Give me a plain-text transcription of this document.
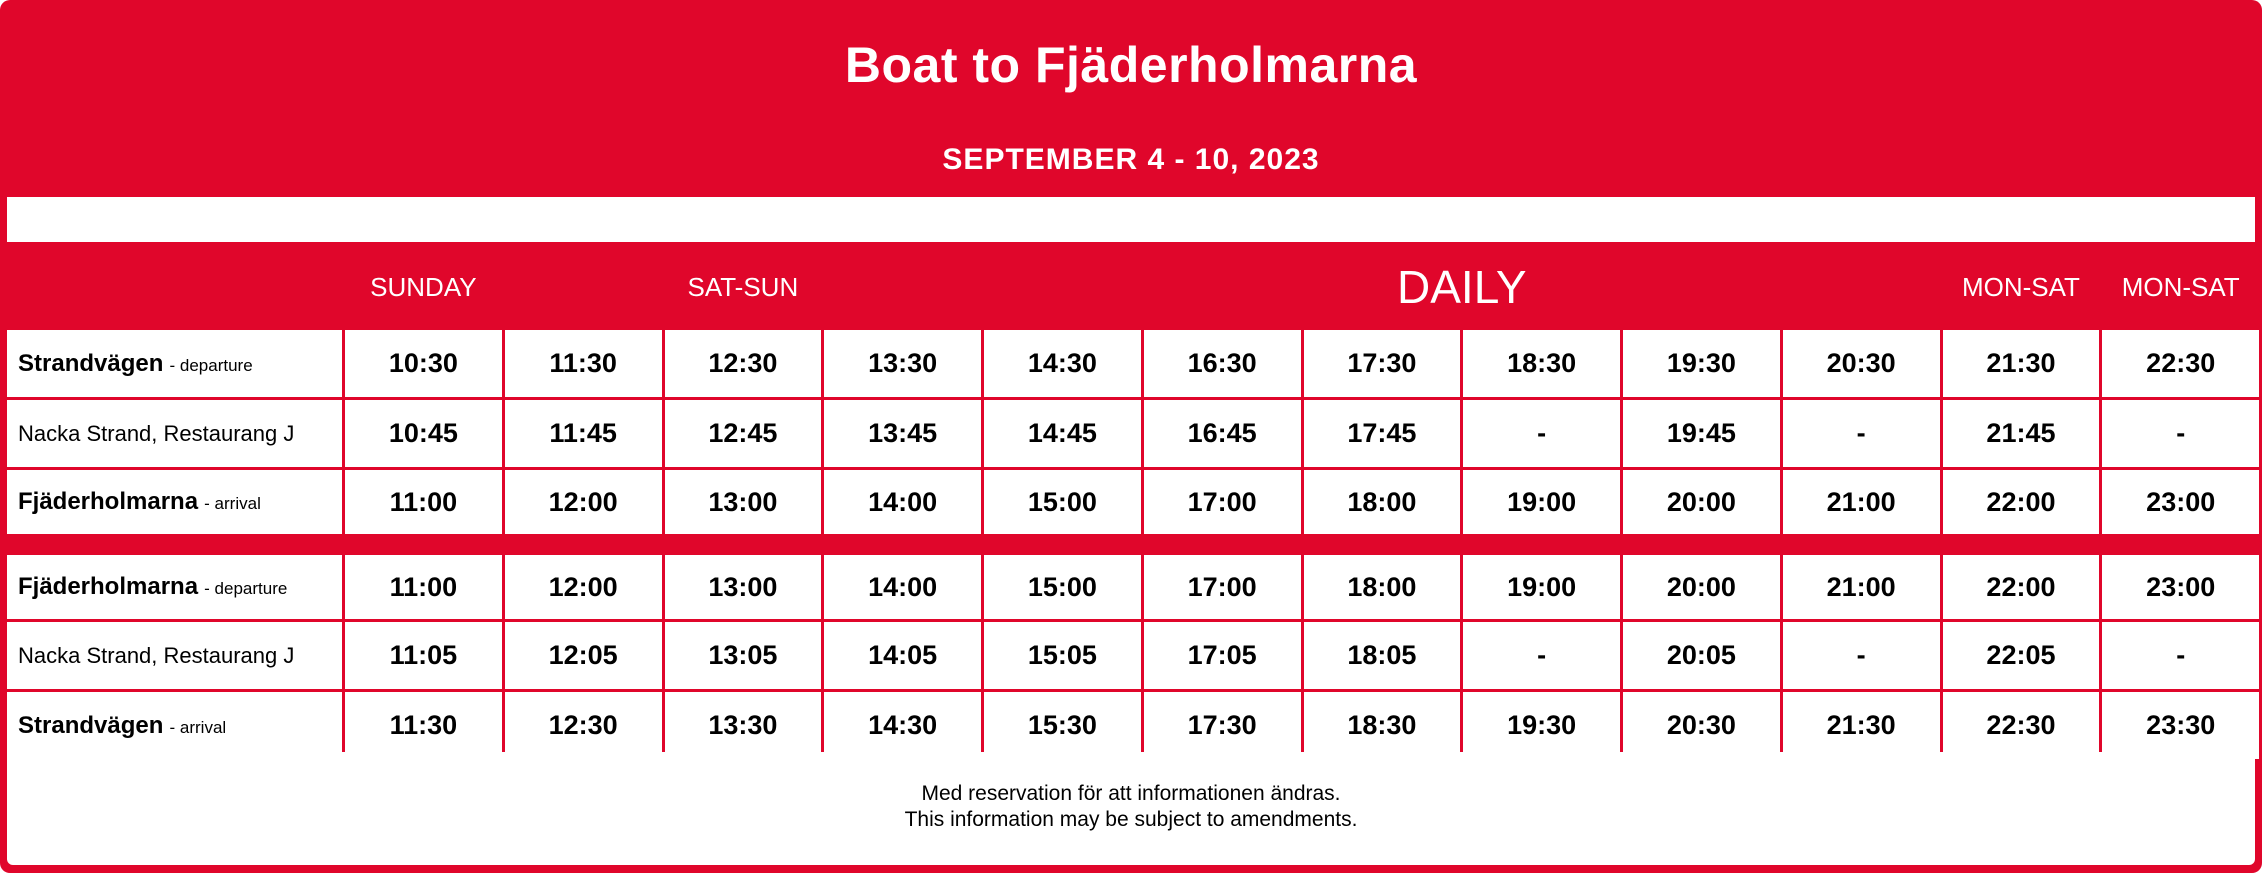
Boat to Fjäderholmarna
SEPTEMBER 4 - 10, 2023
	SUNDAY	SAT-SUN			DAILY						MON-SAT	MON-SAT
Strandvägen - departure	10:30	11:30	12:30	13:30	14:30	16:30	17:30	18:30	19:30	20:30	21:30	22:30
Nacka Strand, Restaurang J	10:45	11:45	12:45	13:45	14:45	16:45	17:45	-	19:45	-	21:45	-
Fjäderholmarna - arrival	11:00	12:00	13:00	14:00	15:00	17:00	18:00	19:00	20:00	21:00	22:00	23:00

Fjäderholmarna - departure	11:00	12:00	13:00	14:00	15:00	17:00	18:00	19:00	20:00	21:00	22:00	23:00
Nacka Strand, Restaurang J	11:05	12:05	13:05	14:05	15:05	17:05	18:05	-	20:05	-	22:05	-
Strandvägen - arrival	11:30	12:30	13:30	14:30	15:30	17:30	18:30	19:30	20:30	21:30	22:30	23:30
Med reservation för att informationen ändras.
This information may be subject to amendments.
